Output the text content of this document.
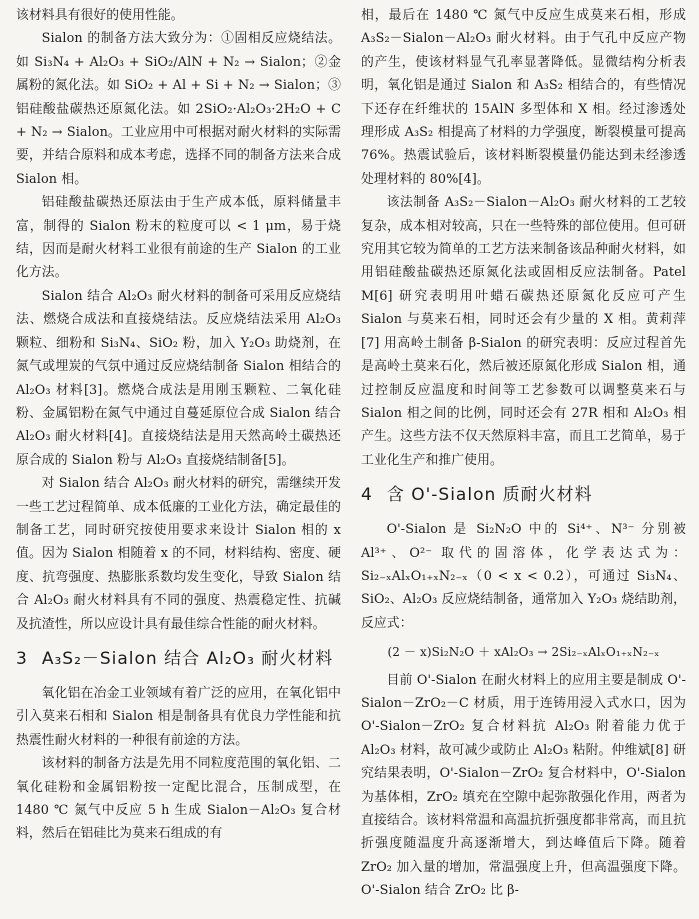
该材料具有很好的使用性能。

Sialon 的制备方法大致分为：①固相反应烧结法。如 Si₃N₄ + Al₂O₃ + SiO₂/AlN + N₂ → Sialon；②金属粉的氮化法。如 SiO₂ + Al + Si + N₂ → Sialon；③铝硅酸盐碳热还原氮化法。如 2SiO₂·Al₂O₃·2H₂O + C + N₂ → Sialon。工业应用中可根据对耐火材料的实际需要，并结合原料和成本考虑，选择不同的制备方法来合成 Sialon 相。

铝硅酸盐碳热还原法由于生产成本低，原料储量丰富，制得的 Sialon 粉末的粒度可以 < 1 μm，易于烧结，因而是耐火材料工业很有前途的生产 Sialon 的工业化方法。

Sialon 结合 Al₂O₃ 耐火材料的制备可采用反应烧结法、燃烧合成法和直接烧结法。反应烧结法采用 Al₂O₃ 颗粒、细粉和 Si₃N₄、SiO₂ 粉，加入 Y₂O₃ 助烧剂，在氮气或埋炭的气氛中通过反应烧结制备 Sialon 相结合的 Al₂O₃ 材料[3]。燃烧合成法是用刚玉颗粒、二氧化硅粉、金属铝粉在氮气中通过自蔓延原位合成 Sialon 结合 Al₂O₃ 耐火材料[4]。直接烧结法是用天然高岭土碳热还原合成的 Sialon 粉与 Al₂O₃ 直接烧结制备[5]。

对 Sialon 结合 Al₂O₃ 耐火材料的研究，需继续开发一些工艺过程简单、成本低廉的工业化方法，确定最佳的制备工艺，同时研究按使用要求来设计 Sialon 相的 x 值。因为 Sialon 相随着 x 的不同，材料结构、密度、硬度、抗弯强度、热膨胀系数均发生变化，导致 Sialon 结合 Al₂O₃ 耐火材料具有不同的强度、热震稳定性、抗碱及抗渣性，所以应设计具有最佳综合性能的耐火材料。

3 A₃S₂－Sialon 结合 Al₂O₃ 耐火材料

氧化铝在冶金工业领域有着广泛的应用，在氧化铝中引入莫来石相和 Sialon 相是制备具有优良力学性能和抗热震性耐火材料的一种很有前途的方法。

该材料的制备方法是先用不同粒度范围的氧化铝、二氧化硅粉和金属铝粉按一定配比混合，压制成型，在 1480 ℃ 氮气中反应 5 h 生成 Sialon－Al₂O₃ 复合材料，然后在铝硅比为莫来石组成的有

相，最后在 1480 ℃ 氮气中反应生成莫来石相，形成 A₃S₂－Sialon－Al₂O₃ 耐火材料。由于气孔中反应产物的产生，使该材料显气孔率显著降低。显微结构分析表明，氧化铝是通过 Sialon 和 A₃S₂ 相结合的，有些情况下还存在纤维状的 15AlN 多型体和 X 相。经过渗透处理形成 A₃S₂ 相提高了材料的力学强度，断裂模量可提高 76%。热震试验后，该材料断裂模量仍能达到未经渗透处理材料的 80%[4]。

该法制备 A₃S₂－Sialon－Al₂O₃ 耐火材料的工艺较复杂，成本相对较高，只在一些特殊的部位使用。但可研究用其它较为简单的工艺方法来制备该品种耐火材料，如用铝硅酸盐碳热还原氮化法或固相反应法制备。Patel M[6] 研究表明用叶蜡石碳热还原氮化反应可产生 Sialon 与莫来石相，同时还会有少量的 X 相。黄莉萍[7] 用高岭土制备 β-Sialon 的研究表明：反应过程首先是高岭土莫来石化，然后被还原氮化形成 Sialon 相，通过控制反应温度和时间等工艺参数可以调整莫来石与 Sialon 相之间的比例，同时还会有 27R 相和 Al₂O₃ 相产生。这些方法不仅天然原料丰富，而且工艺简单，易于工业化生产和推广使用。

4 含 O'-Sialon 质耐火材料

O'-Sialon 是 Si₂N₂O 中的 Si⁴⁺、N³⁻ 分别被 Al³⁺、O²⁻ 取代的固溶体，化学表达式为：Si₂₋ₓAlₓO₁₊ₓN₂₋ₓ（0 < x < 0.2），可通过 Si₃N₄、SiO₂、Al₂O₃ 反应烧结制备，通常加入 Y₂O₃ 烧结助剂，反应式：

(2 － x)Si₂N₂O ＋ xAl₂O₃ → 2Si₂₋ₓAlₓO₁₊ₓN₂₋ₓ

目前 O'-Sialon 在耐火材料上的应用主要是制成 O'-Sialon－ZrO₂－C 材质，用于连铸用浸入式水口，因为 O'-Sialon－ZrO₂ 复合材料抗 Al₂O₃ 附着能力优于 Al₂O₃ 材料，故可减少或防止 Al₂O₃ 粘附。仲维斌[8] 研究结果表明，O'-Sialon－ZrO₂ 复合材料中，O'-Sialon 为基体相，ZrO₂ 填充在空隙中起弥散强化作用，两者为直接结合。该材料常温和高温抗折强度都非常高，而且抗折强度随温度升高逐渐增大，到达峰值后下降。随着 ZrO₂ 加入量的增加，常温强度上升，但高温强度下降。O'-Sialon 结合 ZrO₂ 比 β-
